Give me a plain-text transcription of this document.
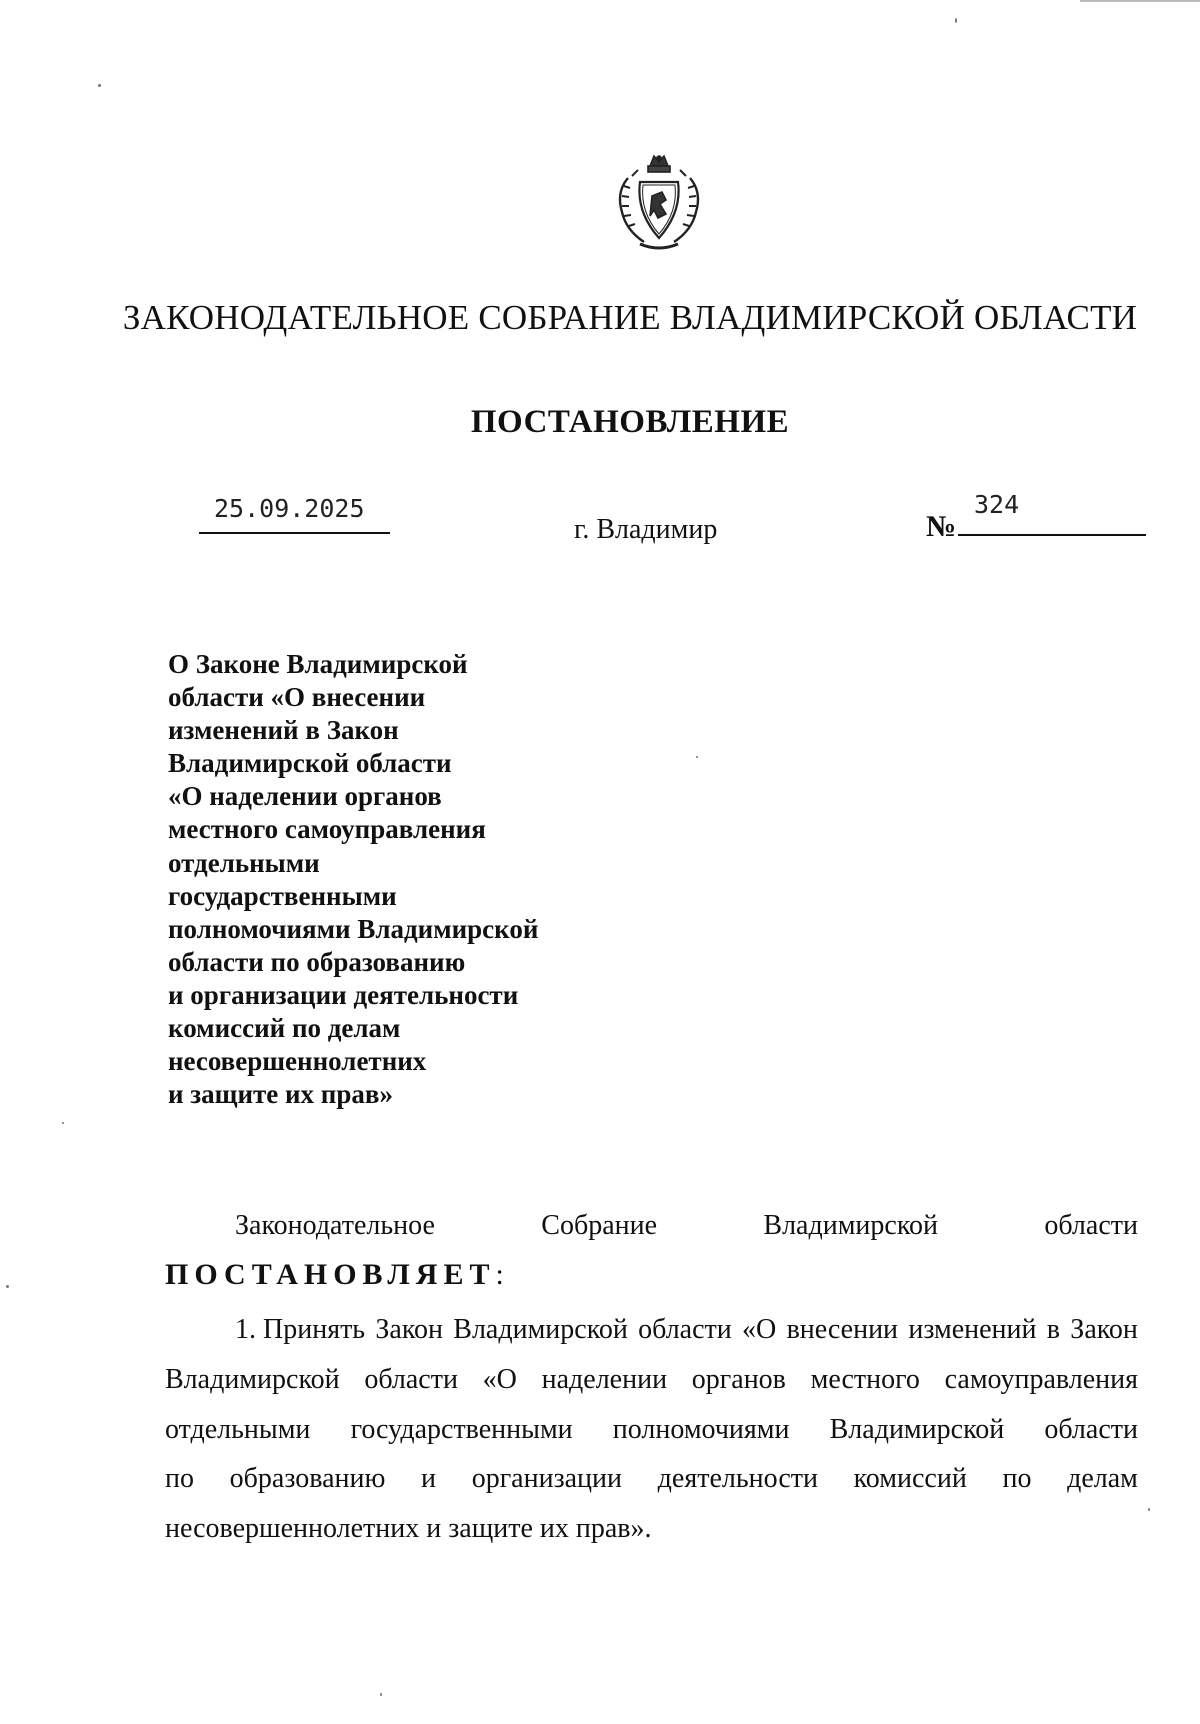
ЗАКОНОДАТЕЛЬНОЕ СОБРАНИЕ ВЛАДИМИРСКОЙ ОБЛАСТИ
ПОСТАНОВЛЕНИЕ
25.09.2025
г. Владимир	№
324
О Законе Владимирской
области «О внесении
изменений в Закон
Владимирской области
«О наделении органов
местного самоуправления
отдельными
государственными
полномочиями Владимирской
области по образованию
и организации деятельности
комиссий по делам
несовершеннолетних
и защите их прав»
Законодательное	Собрание	Владимирской	области
ПОСТАНОВЛЯЕТ:
1. Принять Закон Владимирской области «О внесении изменений в Закон
Владимирской области «О наделении органов местного самоуправления
отдельными государственными полномочиями Владимирской области
по образованию и организации деятельности комиссий по делам
несовершеннолетних и защите их прав».
